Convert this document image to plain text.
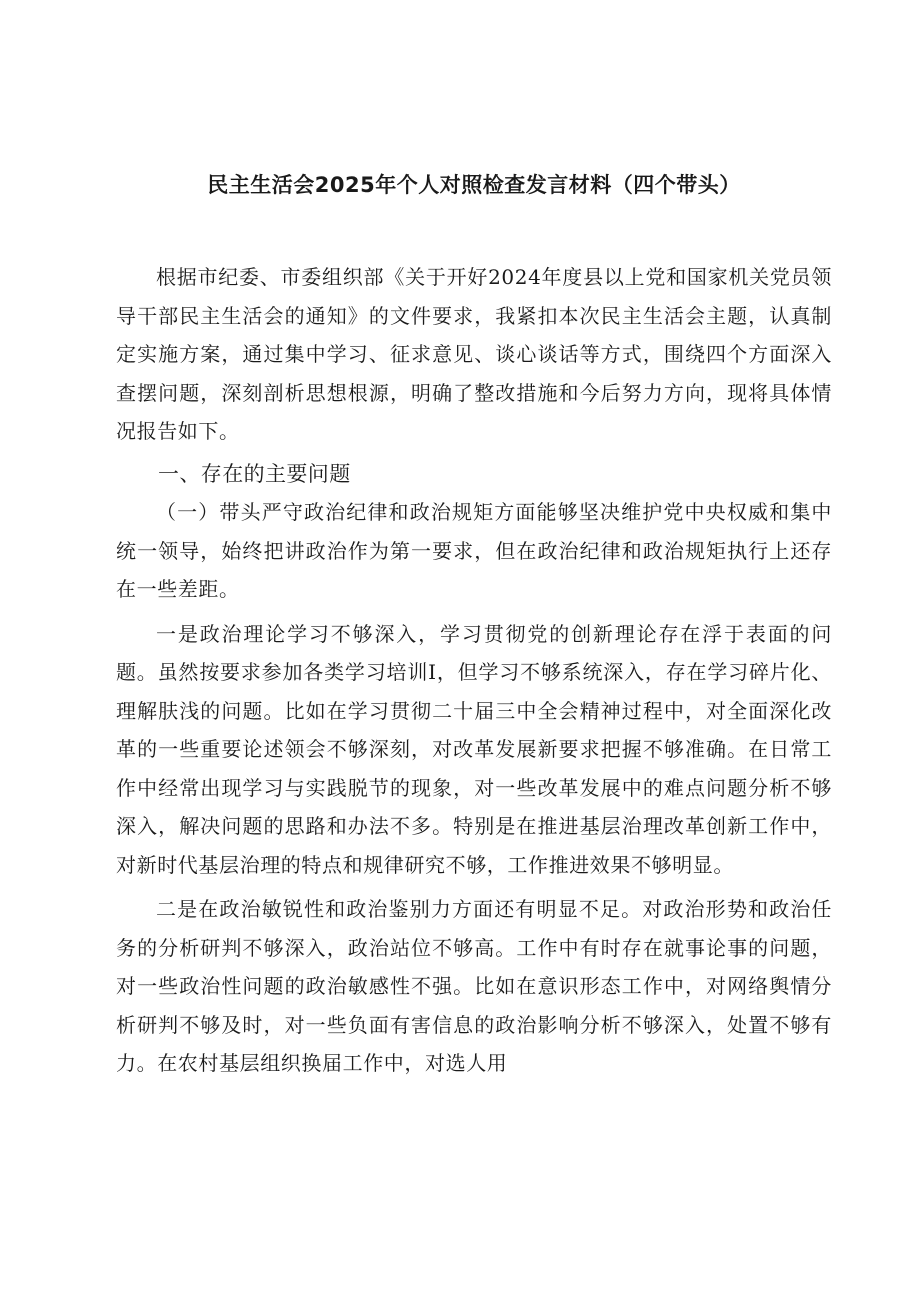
民主生活会2025年个人对照检查发言材料（四个带头）

根据市纪委、市委组织部《关于开好2024年度县以上党和国家机关党员领导干部民主生活会的通知》的文件要求，我紧扣本次民主生活会主题，认真制定实施方案，通过集中学习、征求意见、谈心谈话等方式，围绕四个方面深入查摆问题，深刻剖析思想根源，明确了整改措施和今后努力方向，现将具体情况报告如下。

一、存在的主要问题

（一）带头严守政治纪律和政治规矩方面能够坚决维护党中央权威和集中统一领导，始终把讲政治作为第一要求，但在政治纪律和政治规矩执行上还存在一些差距。

一是政治理论学习不够深入，学习贯彻党的创新理论存在浮于表面的问题。虽然按要求参加各类学习培训I，但学习不够系统深入，存在学习碎片化、理解肤浅的问题。比如在学习贯彻二十届三中全会精神过程中，对全面深化改革的一些重要论述领会不够深刻，对改革发展新要求把握不够准确。在日常工作中经常出现学习与实践脱节的现象，对一些改革发展中的难点问题分析不够深入，解决问题的思路和办法不多。特别是在推进基层治理改革创新工作中，对新时代基层治理的特点和规律研究不够，工作推进效果不够明显。

二是在政治敏锐性和政治鉴别力方面还有明显不足。对政治形势和政治任务的分析研判不够深入，政治站位不够高。工作中有时存在就事论事的问题，对一些政治性问题的政治敏感性不强。比如在意识形态工作中，对网络舆情分析研判不够及时，对一些负面有害信息的政治影响分析不够深入，处置不够有力。在农村基层组织换届工作中，对选人用
